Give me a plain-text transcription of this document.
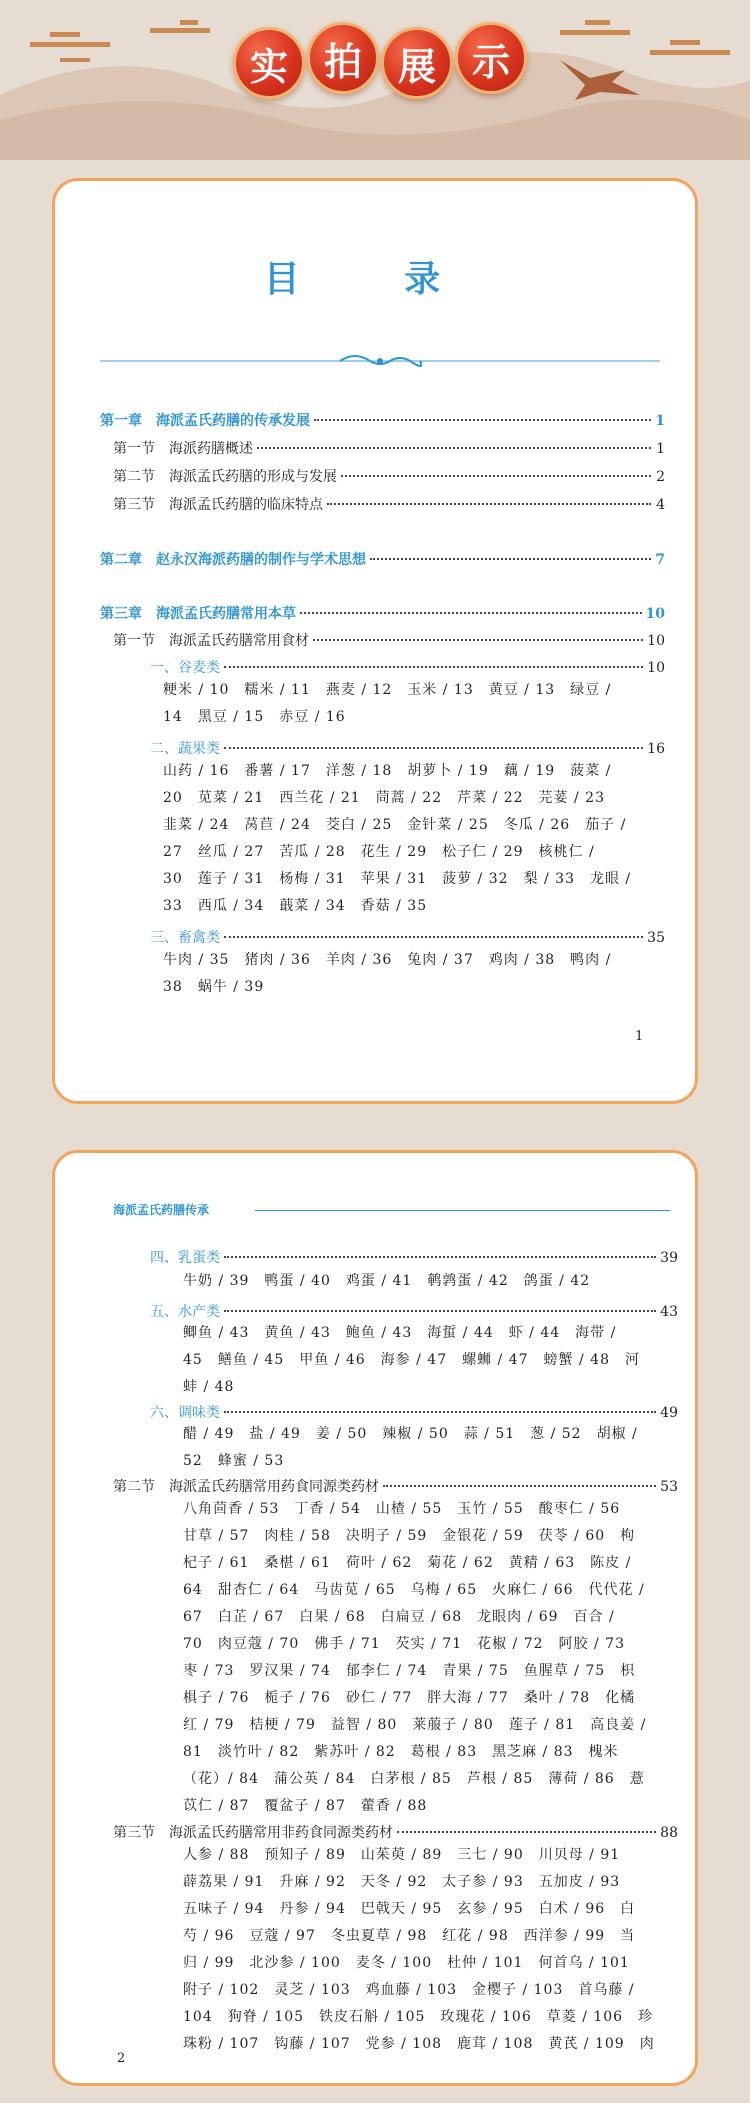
实 拍 展 示
目 录
第一章　海派孟氏药膳的传承发展	1
第一节　海派药膳概述	1
第二节　海派孟氏药膳的形成与发展	2
第三节　海派孟氏药膳的临床特点	4
第二章　赵永汉海派药膳的制作与学术思想	7
第三章　海派孟氏药膳常用本草	10
第一节　海派孟氏药膳常用食材	10
一、谷麦类	10
粳米 / 10　糯米 / 11　燕麦 / 12　玉米 / 13　黄豆 / 13　绿豆 /
14　黑豆 / 15　赤豆 / 16
二、蔬果类	16
山药 / 16　番薯 / 17　洋葱 / 18　胡萝卜 / 19　藕 / 19　菠菜 /
20　苋菜 / 21　西兰花 / 21　茼蒿 / 22　芹菜 / 22　芫荽 / 23
韭菜 / 24　莴苣 / 24　茭白 / 25　金针菜 / 25　冬瓜 / 26　茄子 /
27　丝瓜 / 27　苦瓜 / 28　花生 / 29　松子仁 / 29　核桃仁 /
30　莲子 / 31　杨梅 / 31　苹果 / 31　菠萝 / 32　梨 / 33　龙眼 /
33　西瓜 / 34　蕺菜 / 34　香菇 / 35
三、畜禽类	35
牛肉 / 35　猪肉 / 36　羊肉 / 36　兔肉 / 37　鸡肉 / 38　鸭肉 /
38　蜗牛 / 39
1
海派孟氏药膳传承
四、乳蛋类	39
牛奶 / 39　鸭蛋 / 40　鸡蛋 / 41　鹌鹑蛋 / 42　鸽蛋 / 42
五、水产类	43
鲫鱼 / 43　黄鱼 / 43　鲍鱼 / 43　海蜇 / 44　虾 / 44　海带 /
45　鳝鱼 / 45　甲鱼 / 46　海参 / 47　螺蛳 / 47　螃蟹 / 48　河
蚌 / 48
六、调味类	49
醋 / 49　盐 / 49　姜 / 50　辣椒 / 50　蒜 / 51　葱 / 52　胡椒 /
52　蜂蜜 / 53
第二节　海派孟氏药膳常用药食同源类药材	53
八角茴香 / 53　丁香 / 54　山楂 / 55　玉竹 / 55　酸枣仁 / 56
甘草 / 57　肉桂 / 58　决明子 / 59　金银花 / 59　茯苓 / 60　枸
杞子 / 61　桑椹 / 61　荷叶 / 62　菊花 / 62　黄精 / 63　陈皮 /
64　甜杏仁 / 64　马齿苋 / 65　乌梅 / 65　火麻仁 / 66　代代花 /
67　白芷 / 67　白果 / 68　白扁豆 / 68　龙眼肉 / 69　百合 /
70　肉豆蔻 / 70　佛手 / 71　芡实 / 71　花椒 / 72　阿胶 / 73
枣 / 73　罗汉果 / 74　郁李仁 / 74　青果 / 75　鱼腥草 / 75　枳
椇子 / 76　栀子 / 76　砂仁 / 77　胖大海 / 77　桑叶 / 78　化橘
红 / 79　桔梗 / 79　益智 / 80　莱菔子 / 80　莲子 / 81　高良姜 /
81　淡竹叶 / 82　紫苏叶 / 82　葛根 / 83　黑芝麻 / 83　槐米
（花）/ 84　蒲公英 / 84　白茅根 / 85　芦根 / 85　薄荷 / 86　薏
苡仁 / 87　覆盆子 / 87　藿香 / 88
第三节　海派孟氏药膳常用非药食同源类药材	88
人参 / 88　预知子 / 89　山茱萸 / 89　三七 / 90　川贝母 / 91
薜荔果 / 91　升麻 / 92　天冬 / 92　太子参 / 93　五加皮 / 93
五味子 / 94　丹参 / 94　巴戟天 / 95　玄参 / 95　白术 / 96　白
芍 / 96　豆蔻 / 97　冬虫夏草 / 98　红花 / 98　西洋参 / 99　当
归 / 99　北沙参 / 100　麦冬 / 100　杜仲 / 101　何首乌 / 101
附子 / 102　灵芝 / 103　鸡血藤 / 103　金樱子 / 103　首乌藤 /
104　狗脊 / 105　铁皮石斛 / 105　玫瑰花 / 106　草菱 / 106　珍
珠粉 / 107　钩藤 / 107　党参 / 108　鹿茸 / 108　黄芪 / 109　肉
2
